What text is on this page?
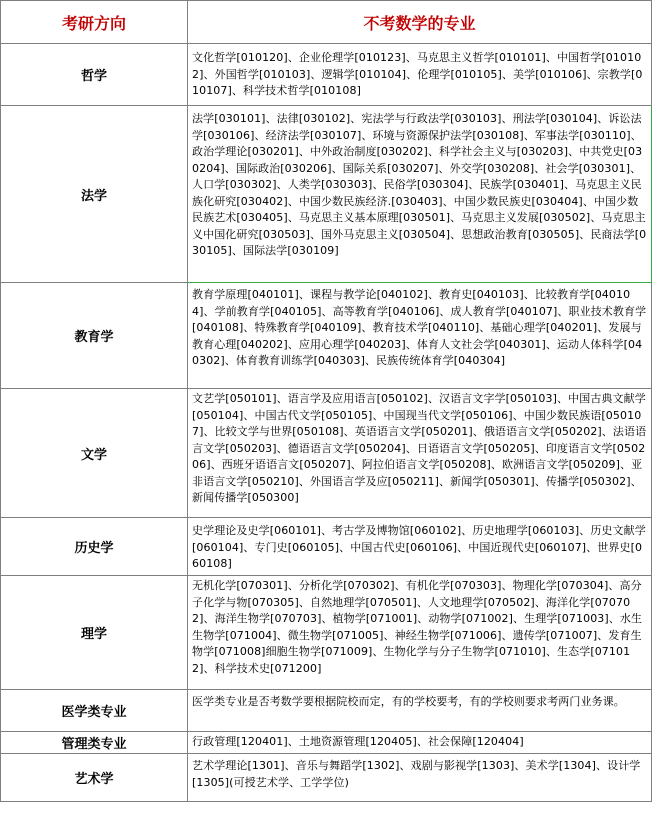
考研方向	不考数学的专业
哲学	文化哲学[010120]、企业伦理学[010123]、马克思主义哲学[010101]、中国哲学[010102]、外国哲学[010103]、逻辑学[010104]、伦理学[010105]、美学[010106]、宗教学[010107]、科学技术哲学[010108]
法学	法学[030101]、法律[030102]、宪法学与行政法学[030103]、刑法学[030104]、诉讼法学[030106]、经济法学[030107]、环境与资源保护法学[030108]、军事法学[030110]、政治学理论[030201]、中外政治制度[030202]、科学社会主义与[030203]、中共党史[030204]、国际政治[030206]、国际关系[030207]、外交学[030208]、社会学[030301]、人口学[030302]、人类学[030303]、民俗学[030304]、民族学[030401]、马克思主义民族化研究[030402]、中国少数民族经济.[030403]、中国少数民族史[030404]、中国少数民族艺术[030405]、马克思主义基本原理[030501]、马克思主义发展[030502]、马克思主义中国化研究[030503]、国外马克思主义[030504]、思想政治教育[030505]、民商法学[030105]、国际法学[030109]
教育学	教育学原理[040101]、课程与教学论[040102]、教育史[040103]、比较教育学[040104]、学前教育学[040105]、高等教育学[040106]、成人教育学[040107]、职业技术教育学[040108]、特殊教育学[040109]、教育技术学[040110]、基础心理学[040201]、发展与教育心理[040202]、应用心理学[040203]、体育人文社会学[040301]、运动人体科学[040302]、体育教育训练学[040303]、民族传统体育学[040304]
文学	文艺学[050101]、语言学及应用语言[050102]、汉语言文字学[050103]、中国古典文献学[050104]、中国古代文学[050105]、中国现当代文学[050106]、中国少数民族语[050107]、比较文学与世界[050108]、英语语言文学[050201]、俄语语言文学[050202]、法语语言文学[050203]、德语语言文学[050204]、日语语言文学[050205]、印度语言文学[050206]、西班牙语语言文[050207]、阿拉伯语言文学[050208]、欧洲语言文学[050209]、亚非语言文学[050210]、外国语言学及应[050211]、新闻学[050301]、传播学[050302]、新闻传播学[050300]

历史学	史学理论及史学[060101]、考古学及博物馆[060102]、历史地理学[060103]、历史文献学[060104]、专门史[060105]、中国古代史[060106]、中国近现代史[060107]、世界史[060108]
理学	无机化学[070301]、分析化学[070302]、有机化学[070303]、物理化学[070304]、高分子化学与物[070305]、自然地理学[070501]、人文地理学[070502]、海洋化学[070702]、海洋生物学[070703]、植物学[071001]、动物学[071002]、生理学[071003]、水生生物学[071004]、微生物学[071005]、神经生物学[071006]、遗传学[071007]、发育生物学[071008]细胞生物学[071009]、生物化学与分子生物学[071010]、生态学[071012]、科学技术史[071200]

医学类专业	医学类专业是否考数学要根据院校而定，有的学校要考，有的学校则要求考两门业务课。
管理类专业	行政管理[120401]、土地资源管理[120405]、社会保障[120404]
艺术学	艺术学理论[1301]、音乐与舞蹈学[1302]、戏剧与影视学[1303]、美术学[1304]、设计学[1305](可授艺术学、工学学位)
